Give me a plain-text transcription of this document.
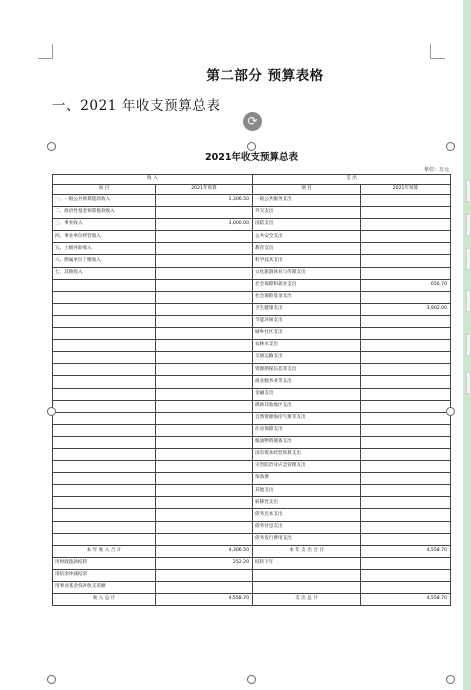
第二部分 预算表格
一、2021 年收支预算总表
⟳
2021年收支预算总表
单位：万元
收 入		支 出	
项 目	2021年预算	项 目	2021年预算
一、一般公共预算拨款收入	1,306.50	一般公共服务支出	
二、政府性基金预算拨款收入		外交支出	
三、事业收入	3,000.00	国防支出	
四、事业单位经营收入		公共安全支出	
五、上级补助收入		教育支出	
六、附属单位上缴收入		科学技术支出	
七、其他收入		文化旅游体育与传媒支出	
		社会保障和就业支出	656.70
		社会保险基金支出	
		卫生健康支出	3,902.00
		节能环保支出	
		城乡社区支出	
		农林水支出	
		交通运输支出	
		资源勘探信息等支出	
		商业服务业等支出	
		金融支出	
		援助其他地区支出	
		自然资源海洋气象等支出	
		住房保障支出	
		粮油物资储备支出	
		国有资本经营预算支出	
		灾害防治及应急管理支出	
		预备费	
		其他支出	
		转移性支出	
		债务还本支出	
		债务付息支出	
		债务发行费用支出	
本 年 收 入 合 计	4,306.50	本 年 支 出 合 计	4,558.70
用财政拨款结转	252.20	结转下年	
用结余冲减结余			
用事业基金弥补收支差额			
收 入 总 计	4,558.70	支 出 总 计	4,558.70
